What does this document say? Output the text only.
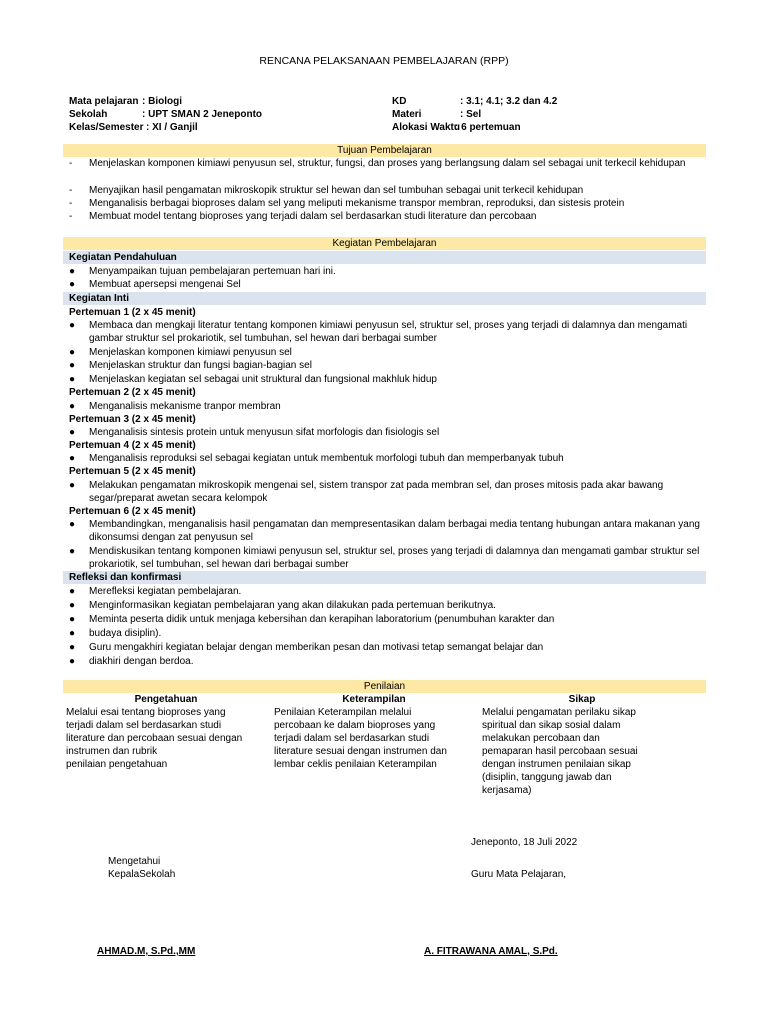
RENCANA PELAKSANAAN PEMBELAJARAN (RPP)
Mata pelajaran : Biologi
Sekolah	: UPT SMAN 2 Jeneponto
Kelas/Semester : XI / Ganjil
KD	: 3.1; 4.1; 3.2 dan 4.2
Materi	: Sel
Alokasi Waktu
: 6 pertemuan
Tujuan Pembelajaran
- Menjelaskan komponen kimiawi penyusun sel, struktur, fungsi, dan proses yang berlangsung dalam sel sebagai unit terkecil kehidupan
- Menyajikan hasil pengamatan mikroskopik struktur sel hewan dan sel tumbuhan sebagai unit terkecil kehidupan
- Menganalisis berbagai bioproses dalam sel yang meliputi mekanisme transpor membran, reproduksi, dan sistesis protein
- Membuat model tentang bioproses yang terjadi dalam sel berdasarkan studi literature dan percobaan
Kegiatan Pembelajaran
Kegiatan Pendahuluan
● Menyampaikan tujuan pembelajaran pertemuan hari ini.
● Membuat apersepsi mengenai Sel
Kegiatan Inti
Pertemuan 1 (2 x 45 menit)
● Membaca dan mengkaji literatur tentang komponen kimiawi penyusun sel, struktur sel, proses yang terjadi di dalamnya dan mengamati gambar struktur sel prokariotik, sel tumbuhan, sel hewan dari berbagai sumber
● Menjelaskan komponen kimiawi penyusun sel
● Menjelaskan struktur dan fungsi bagian-bagian sel
● Menjelaskan kegiatan sel sebagai unit struktural dan fungsional makhluk hidup
Pertemuan 2 (2 x 45 menit)
● Menganalisis mekanisme tranpor membran
Pertemuan 3 (2 x 45 menit)
● Menganalisis sintesis protein untuk menyusun sifat morfologis dan fisiologis sel
Pertemuan 4 (2 x 45 menit)
● Menganalisis reproduksi sel sebagai kegiatan untuk membentuk morfologi tubuh dan memperbanyak tubuh
Pertemuan 5 (2 x 45 menit)
● Melakukan pengamatan mikroskopik mengenai sel, sistem transpor zat pada membran sel, dan proses mitosis pada akar bawang segar/preparat awetan secara kelompok
Pertemuan 6 (2 x 45 menit)
● Membandingkan, menganalisis hasil pengamatan dan mempresentasikan dalam berbagai media tentang hubungan antara makanan yang dikonsumsi dengan zat penyusun sel
● Mendiskusikan tentang komponen kimiawi penyusun sel, struktur sel, proses yang terjadi di dalamnya dan mengamati gambar struktur sel prokariotik, sel tumbuhan, sel hewan dari berbagai sumber
Refleksi dan konfirmasi
● Merefleksi kegiatan pembelajaran.
● Menginformasikan kegiatan pembelajaran yang akan dilakukan pada pertemuan berikutnya.
● Meminta peserta didik untuk menjaga kebersihan dan kerapihan laboratorium (penumbuhan karakter dan
● budaya disiplin).
● Guru mengakhiri kegiatan belajar dengan memberikan pesan dan motivasi tetap semangat belajar dan
● diakhiri dengan berdoa.
Penilaian
Pengetahuan
Melalui esai tentang bioproses yang
terjadi dalam sel berdasarkan studi
literature dan percobaan sesuai dengan
instrumen dan rubrik
penilaian pengetahuan
Keterampilan
Penilaian Keterampilan melalui
percobaan ke dalam bioproses yang
terjadi dalam sel berdasarkan studi
literature sesuai dengan instrumen dan
lembar ceklis penilaian Keterampilan
Sikap
Melalui pengamatan perilaku sikap
spiritual dan sikap sosial dalam
melakukan percobaan dan
pemaparan hasil percobaan sesuai
dengan instrumen penilaian sikap
(disiplin, tanggung jawab dan
kerjasama)
Jeneponto, 18 Juli 2022
Mengetahui
KepalaSekolah	Guru Mata Pelajaran,
AHMAD.M, S.Pd.,MM	A. FITRAWANA AMAL, S.Pd.
